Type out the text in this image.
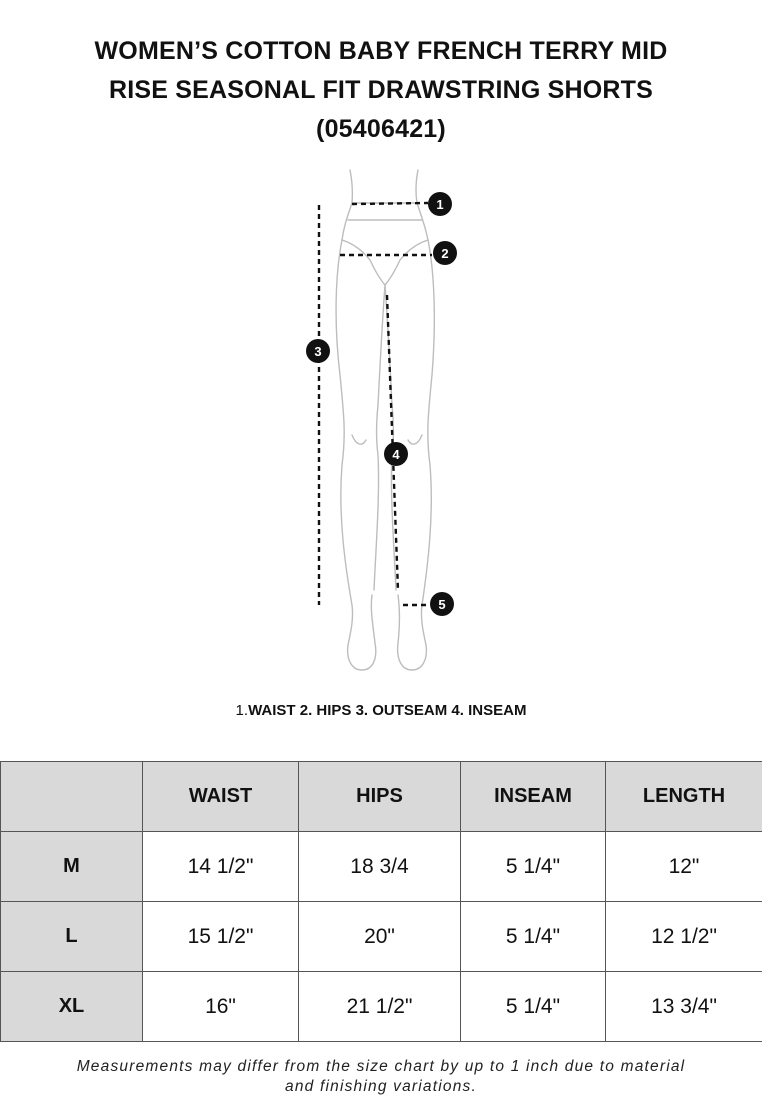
WOMEN’S COTTON BABY FRENCH TERRY MID
RISE SEASONAL FIT DRAWSTRING SHORTS
(05406421)
1
2
3
4
5
1.WAIST 2. HIPS 3. OUTSEAM 4. INSEAM
	WAIST	HIPS	INSEAM	LENGTH
M	14 1/2"	18 3/4	5 1/4"	12"
L	15 1/2"	20"	5 1/4"	12 1/2"
XL	16"	21 1/2"	5 1/4"	13 3/4"
Measurements may differ from the size chart by up to 1 inch due to material
and finishing variations.
